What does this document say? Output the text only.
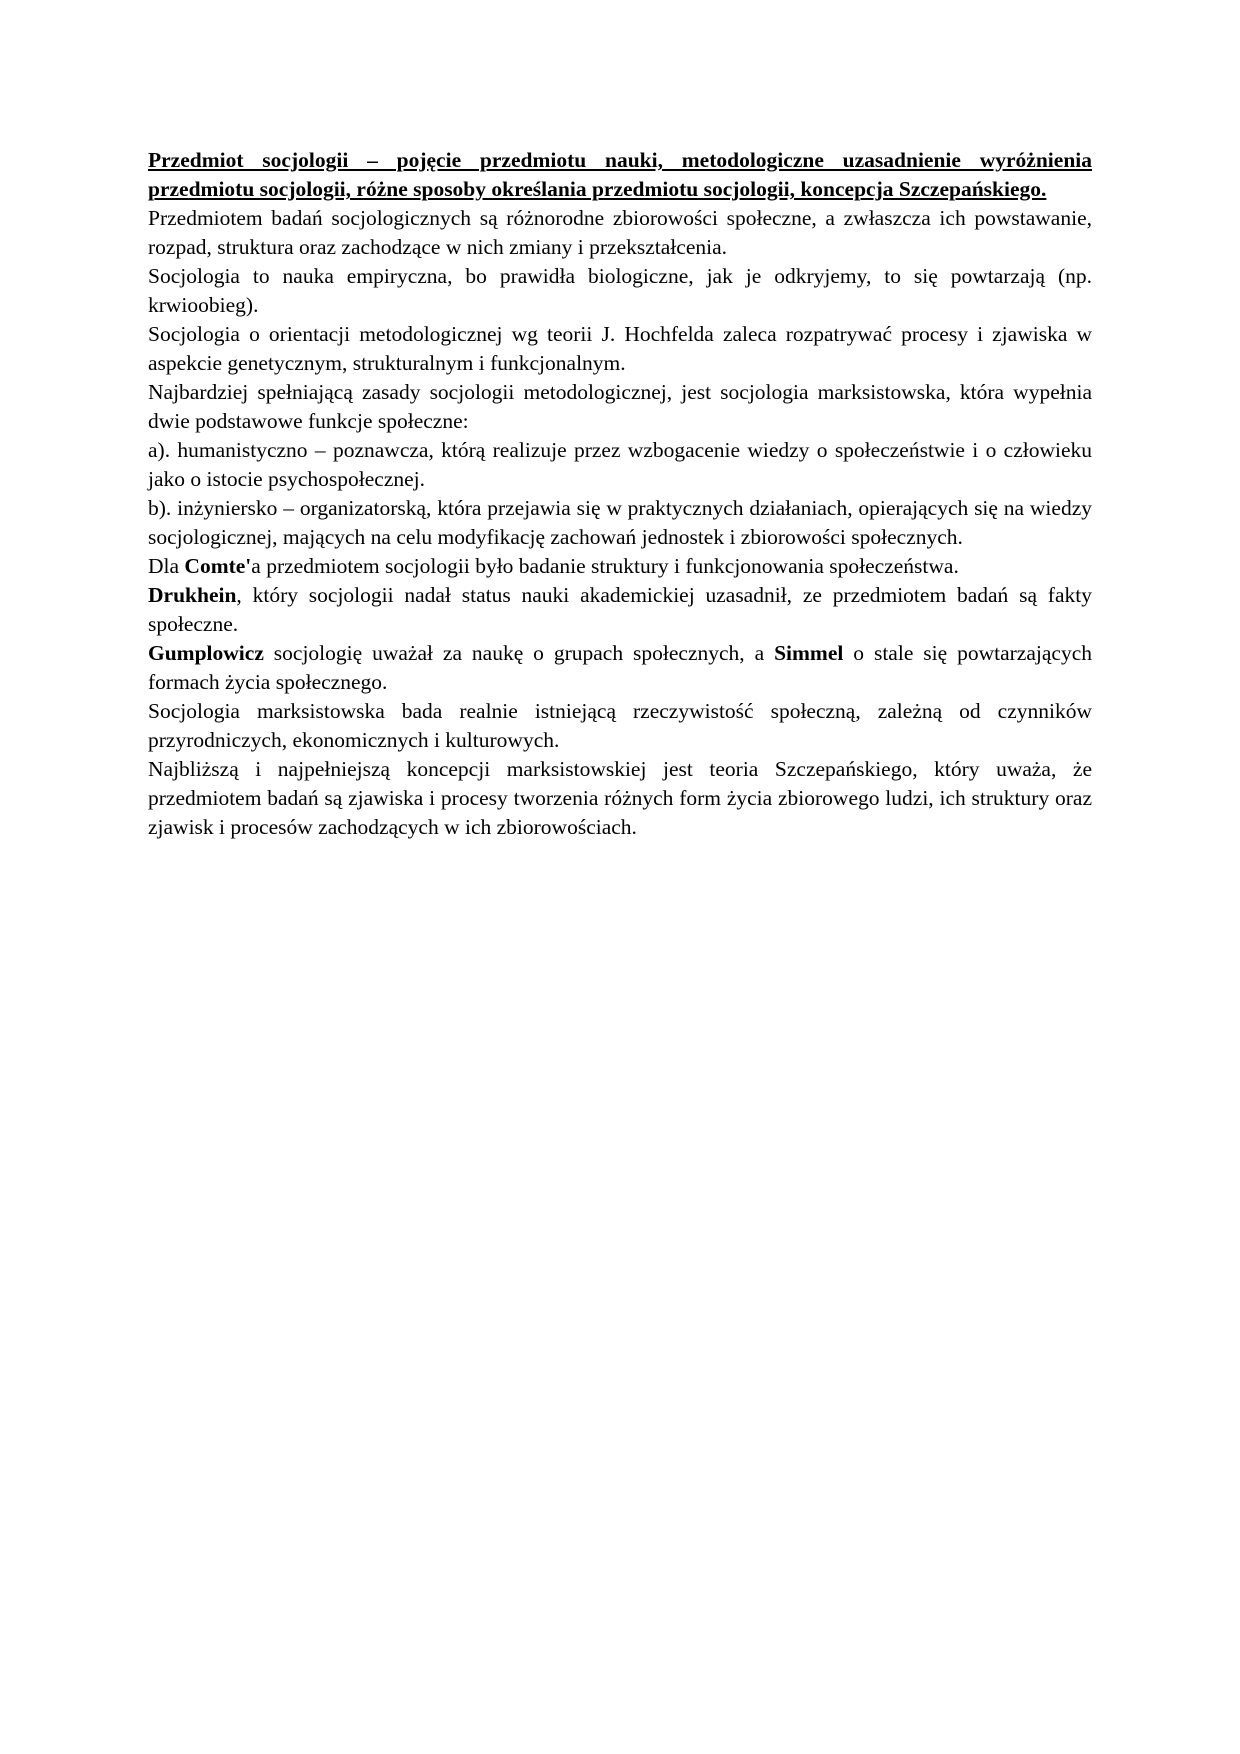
Przedmiot socjologii – pojęcie przedmiotu nauki, metodologiczne uzasadnienie wyróżnienia przedmiotu socjologii, różne sposoby określania przedmiotu socjologii, koncepcja Szczepańskiego.

Przedmiotem badań socjologicznych są różnorodne zbiorowości społeczne, a zwłaszcza ich powstawanie, rozpad, struktura oraz zachodzące w nich zmiany i przekształcenia.

Socjologia to nauka empiryczna, bo prawidła biologiczne, jak je odkryjemy, to się powtarzają (np. krwioobieg).

Socjologia o orientacji metodologicznej wg teorii J. Hochfelda zaleca rozpatrywać procesy i zjawiska w aspekcie genetycznym, strukturalnym i funkcjonalnym.

Najbardziej spełniającą zasady socjologii metodologicznej, jest socjologia marksistowska, która wypełnia dwie podstawowe funkcje społeczne:

a). humanistyczno – poznawcza, którą realizuje przez wzbogacenie wiedzy o społeczeństwie i o człowieku jako o istocie psychospołecznej.

b). inżyniersko – organizatorską, która przejawia się w praktycznych działaniach, opierających się na wiedzy socjologicznej, mających na celu modyfikację zachowań jednostek i zbiorowości społecznych.

Dla Comte'a przedmiotem socjologii było badanie struktury i funkcjonowania społeczeństwa.

Drukhein, który socjologii nadał status nauki akademickiej uzasadnił, ze przedmiotem badań są fakty społeczne.

Gumplowicz socjologię uważał za naukę o grupach społecznych, a Simmel o stale się powtarzających formach życia społecznego.

Socjologia marksistowska bada realnie istniejącą rzeczywistość społeczną, zależną od czynników przyrodniczych, ekonomicznych i kulturowych.

Najbliższą i najpełniejszą koncepcji marksistowskiej jest teoria Szczepańskiego, który uważa, że przedmiotem badań są zjawiska i procesy tworzenia różnych form życia zbiorowego ludzi, ich struktury oraz zjawisk i procesów zachodzących w ich zbiorowościach.
